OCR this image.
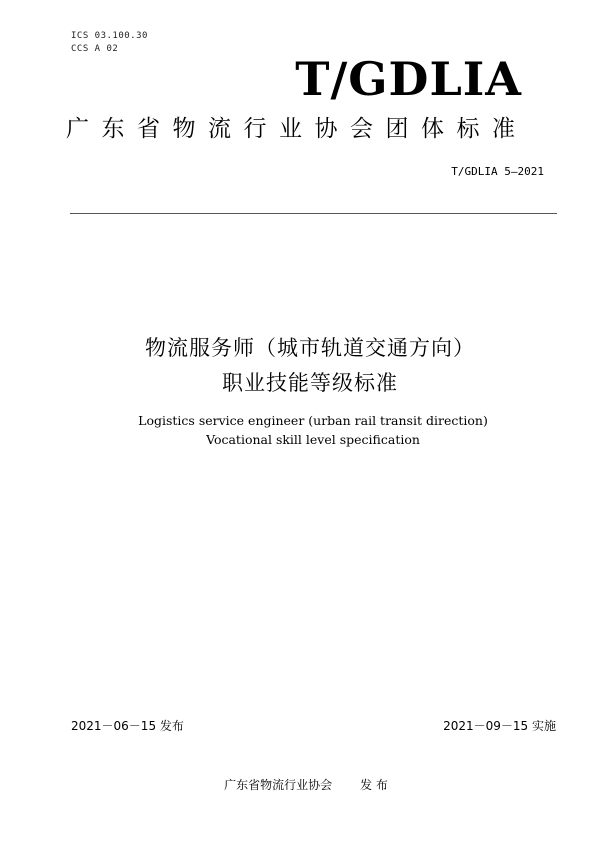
ICS 03.100.30
CCS A 02
T/GDLIA
广东省物流行业协会团体标准
T/GDLIA 5—2021
物流服务师（城市轨道交通方向）
职业技能等级标准
Logistics service engineer (urban rail transit direction)
Vocational skill level specification
2021－06－15 发布	2021－09－15 实施
广东省物流行业协会 发 布
